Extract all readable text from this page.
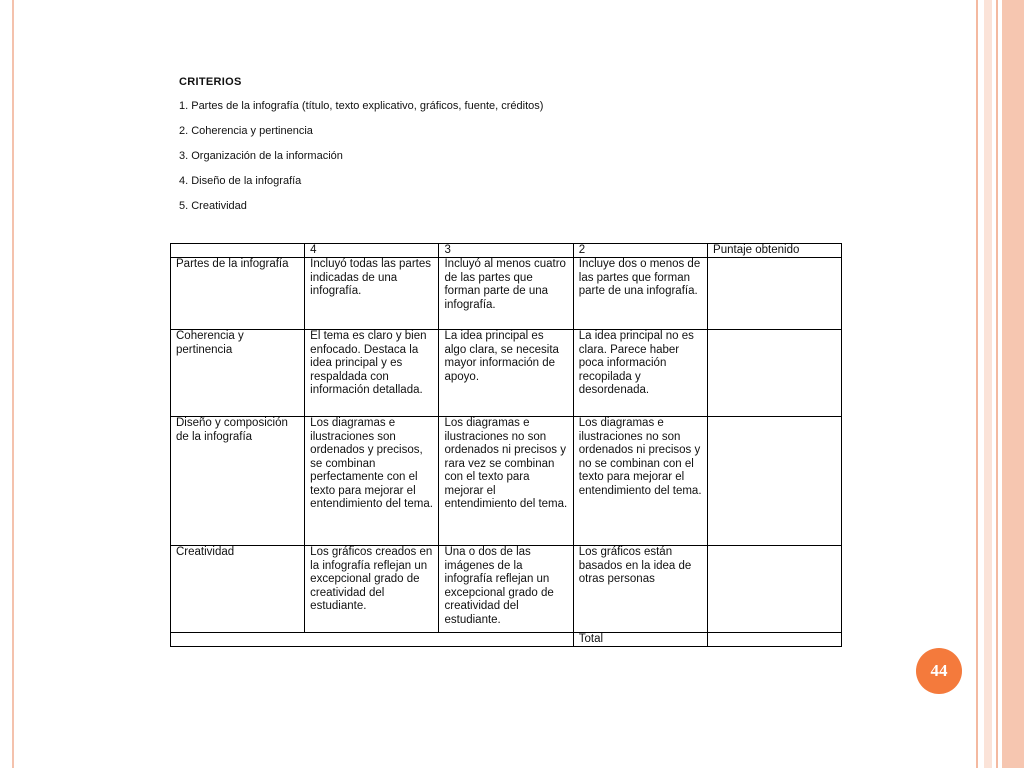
CRITERIOS
1. Partes de la infografía (título, texto explicativo, gráficos, fuente, créditos)
2. Coherencia y pertinencia
3. Organización de la información
4. Diseño de la infografía
5. Creatividad
	4	3	2	Puntaje obtenido
Partes de la infografía	Incluyó todas las partes indicadas de una infografía.	Incluyó al menos cuatro de las partes que forman parte de una infografía.	Incluye dos o menos de las partes que forman parte de una infografía.	
Coherencia y pertinencia	El tema es claro y bien enfocado. Destaca la idea principal y es respaldada con información detallada.	La idea principal es algo clara, se necesita mayor información de apoyo.	La idea principal no es clara. Parece haber poca información recopilada y desordenada.	
Diseño y composición de la infografía	Los diagramas e ilustraciones son ordenados y precisos, se combinan perfectamente con el texto para mejorar el entendimiento del tema.	Los diagramas e ilustraciones no son ordenados ni precisos y rara vez se combinan con el texto para mejorar el entendimiento del tema.	Los diagramas e ilustraciones no son ordenados ni precisos y no se combinan con el texto para mejorar el entendimiento del tema.	
Creatividad	Los gráficos creados en la infografía reflejan un excepcional grado de creatividad del estudiante.	Una o dos de las imágenes de la infografía reflejan un excepcional grado de creatividad del estudiante.	Los gráficos están basados en la idea de otras personas	
			Total	
44
